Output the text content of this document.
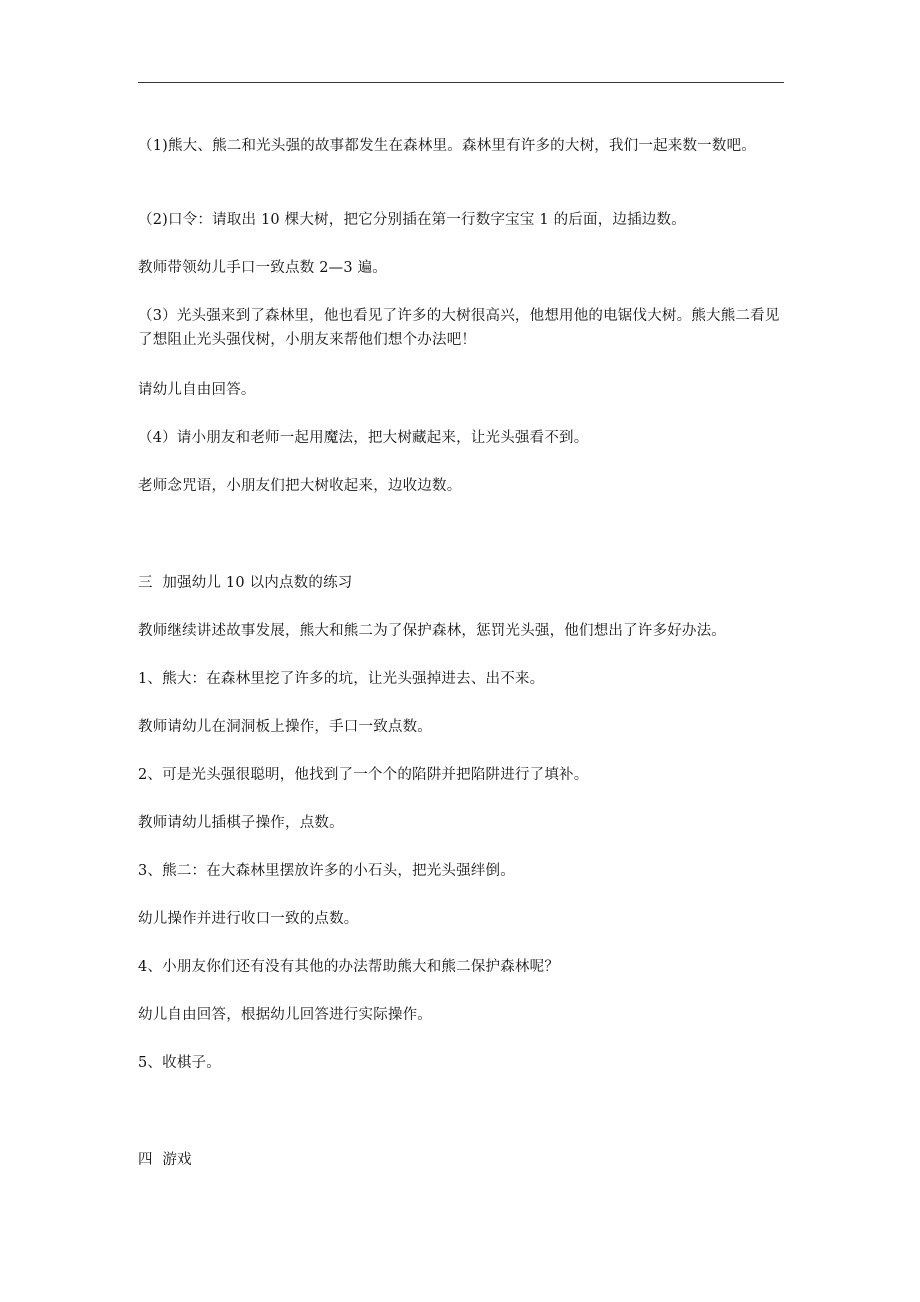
（1)熊大、熊二和光头强的故事都发生在森林里。森林里有许多的大树，我们一起来数一数吧。

（2)口令：请取出 10 棵大树，把它分别插在第一行数字宝宝 1 的后面，边插边数。

教师带领幼儿手口一致点数 2—3 遍。

（3）光头强来到了森林里，他也看见了许多的大树很高兴，他想用他的电锯伐大树。熊大熊二看见了想阻止光头强伐树，小朋友来帮他们想个办法吧！

请幼儿自由回答。

（4）请小朋友和老师一起用魔法，把大树藏起来，让光头强看不到。

老师念咒语，小朋友们把大树收起来，边收边数。

三  加强幼儿 10 以内点数的练习

教师继续讲述故事发展，熊大和熊二为了保护森林，惩罚光头强，他们想出了许多好办法。

1、熊大：在森林里挖了许多的坑，让光头强掉进去、出不来。

教师请幼儿在洞洞板上操作，手口一致点数。

2、可是光头强很聪明，他找到了一个个的陷阱并把陷阱进行了填补。

教师请幼儿插棋子操作，点数。

3、熊二：在大森林里摆放许多的小石头，把光头强绊倒。

幼儿操作并进行收口一致的点数。

4、小朋友你们还有没有其他的办法帮助熊大和熊二保护森林呢？

幼儿自由回答，根据幼儿回答进行实际操作。

5、收棋子。

四  游戏
